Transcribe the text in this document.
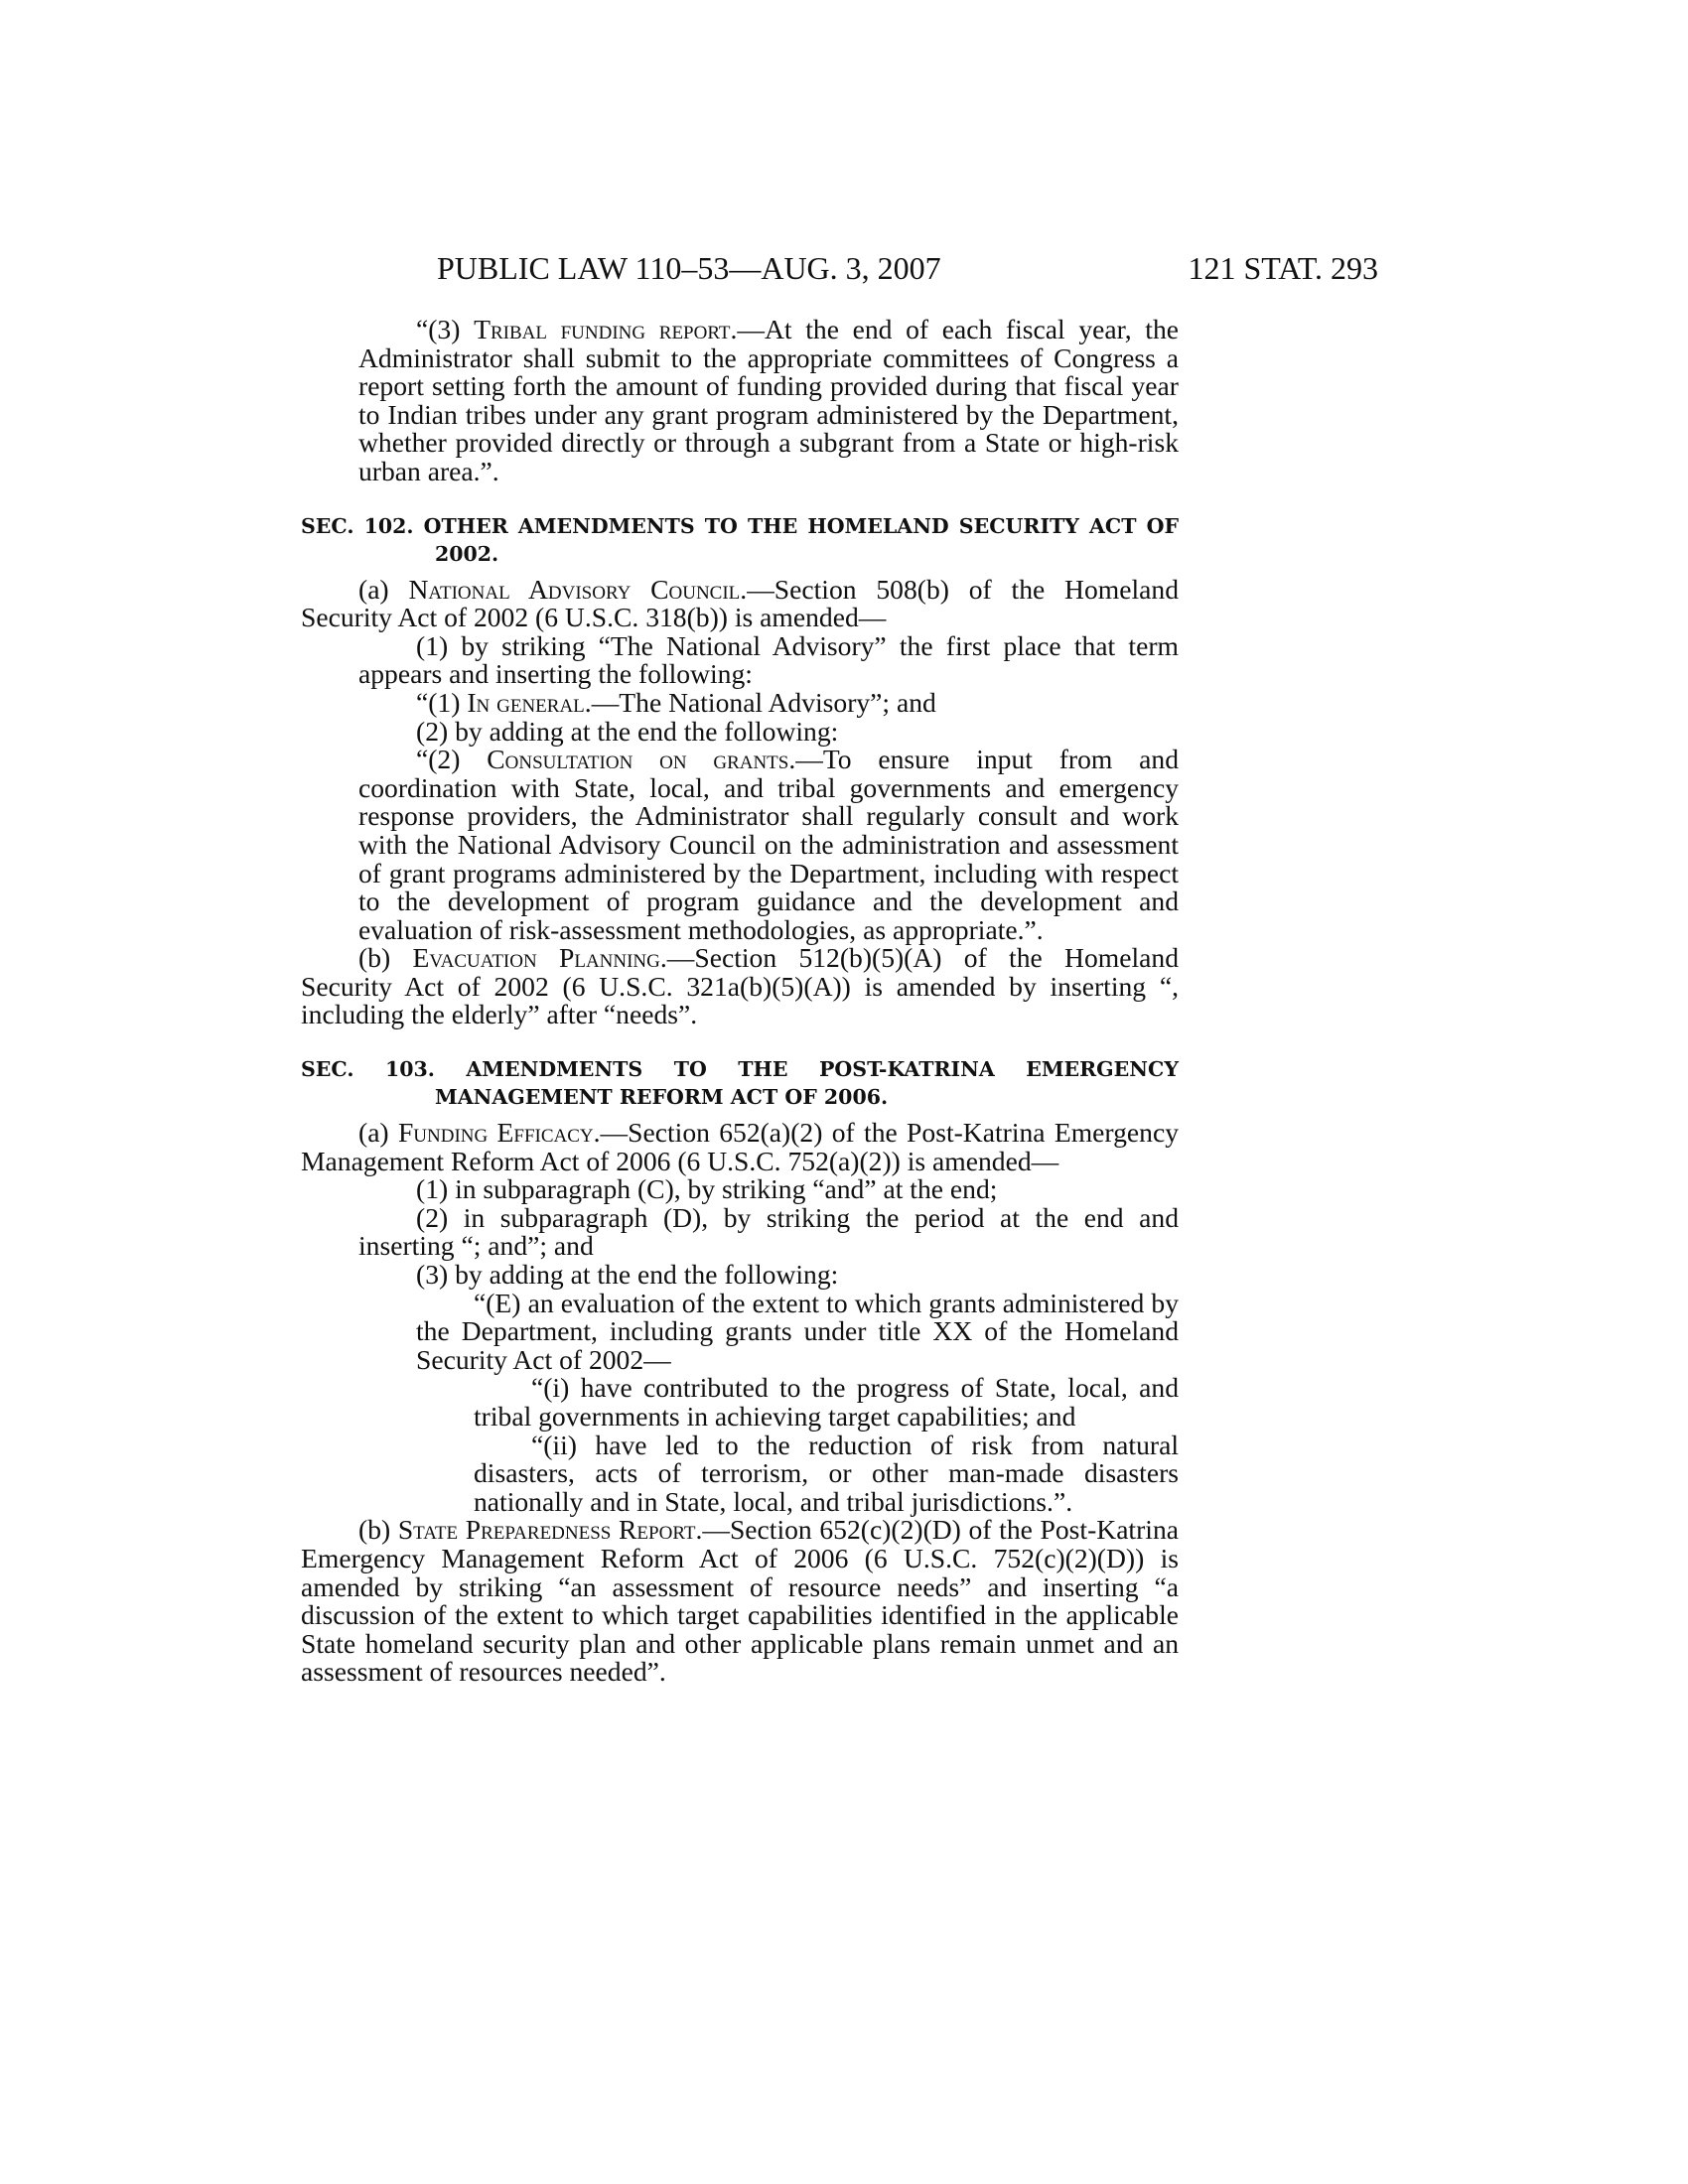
PUBLIC LAW 110–53—AUG. 3, 2007	121 STAT. 293

“(3) Tribal funding report.—At the end of each fiscal year, the Administrator shall submit to the appropriate committees of Congress a report setting forth the amount of funding provided during that fiscal year to Indian tribes under any grant program administered by the Department, whether provided directly or through a subgrant from a State or high-risk urban area.”.

SEC. 102. OTHER AMENDMENTS TO THE HOMELAND SECURITY ACT OF 2002.

(a) National Advisory Council.—Section 508(b) of the Homeland Security Act of 2002 (6 U.S.C. 318(b)) is amended—

(1) by striking “The National Advisory” the first place that term appears and inserting the following:

“(1) In general.—The National Advisory”; and

(2) by adding at the end the following:

“(2) Consultation on grants.—To ensure input from and coordination with State, local, and tribal governments and emergency response providers, the Administrator shall regularly consult and work with the National Advisory Council on the administration and assessment of grant programs administered by the Department, including with respect to the development of program guidance and the development and evaluation of risk-assessment methodologies, as appropriate.”.

(b) Evacuation Planning.—Section 512(b)(5)(A) of the Homeland Security Act of 2002 (6 U.S.C. 321a(b)(5)(A)) is amended by inserting “, including the elderly” after “needs”.

SEC. 103. AMENDMENTS TO THE POST-KATRINA EMERGENCY MANAGEMENT REFORM ACT OF 2006.

(a) Funding Efficacy.—Section 652(a)(2) of the Post-Katrina Emergency Management Reform Act of 2006 (6 U.S.C. 752(a)(2)) is amended—

(1) in subparagraph (C), by striking “and” at the end;

(2) in subparagraph (D), by striking the period at the end and inserting “; and”; and

(3) by adding at the end the following:

“(E) an evaluation of the extent to which grants administered by the Department, including grants under title XX of the Homeland Security Act of 2002—

“(i) have contributed to the progress of State, local, and tribal governments in achieving target capabilities; and

“(ii) have led to the reduction of risk from natural disasters, acts of terrorism, or other man-made disasters nationally and in State, local, and tribal jurisdictions.”.

(b) State Preparedness Report.—Section 652(c)(2)(D) of the Post-Katrina Emergency Management Reform Act of 2006 (6 U.S.C. 752(c)(2)(D)) is amended by striking “an assessment of resource needs” and inserting “a discussion of the extent to which target capabilities identified in the applicable State homeland security plan and other applicable plans remain unmet and an assessment of resources needed”.
